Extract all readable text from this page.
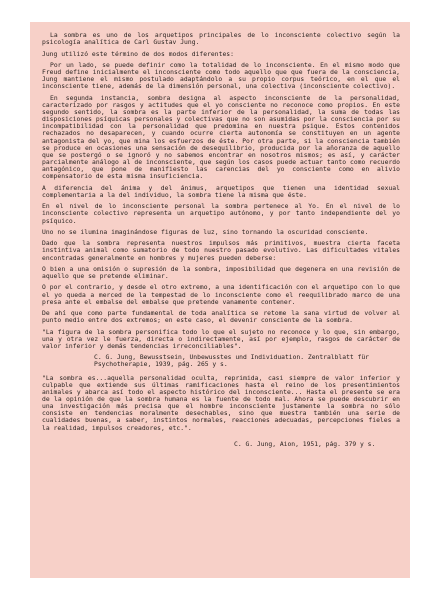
La sombra es uno de los arquetipos principales de lo inconsciente colectivo según la psicología analítica de Carl Gustav Jung.

Jung utilizó este término de dos modos diferentes:

Por un lado, se puede definir como la totalidad de lo inconsciente. En el mismo modo que Freud define inicialmente el inconsciente como todo aquello que que fuera de la consciencia, Jung mantiene el mismo postulado adaptándolo a su propio corpus teórico, en el que el inconsciente tiene, además de la dimensión personal, una colectiva (inconsciente colectivo).

En segunda instancia, sombra designa al aspecto inconsciente de la personalidad, caracterizado por rasgos y actitudes que el yo consciente no reconoce como propios. En este segundo sentido, la sombra es la parte inferior de la personalidad, la suma de todas las disposiciones psíquicas personales y colectivas que no son asumidas por la consciencia por su incompatibilidad con la personalidad que predomina en nuestra psique. Estos contenidos rechazados no desaparecen, y cuando ocurre cierta autonomía se constituyen en un agente antagonista del yo, que mina los esfuerzos de éste. Por otra parte, si la consciencia también se produce en ocasiones una sensación de desequilibrio, producida por la añoranza de aquello que se postergó o se ignoró y no sabemos encontrar en nosotros mismos; es así, y carácter parcialmente análogo al de inconsciente, que según los casos puede actuar tanto como recuerdo antagónico, que pone de manifiesto las carencias del yo consciente como en alivio compensatorio de esta misma insuficiencia.

A diferencia del ánima y del ánimus, arquetipos que tienen una identidad sexual complementaria a la del individuo, la sombra tiene la misma que éste.

En el nivel de lo inconsciente personal la sombra pertenece al Yo. En el nivel de lo inconsciente colectivo representa un arquetipo autónomo, y por tanto independiente del yo psíquico.

Uno no se ilumina imaginándose figuras de luz, sino tornando la oscuridad consciente.

Dado que la sombra representa nuestros impulsos más primitivos, muestra cierta faceta instintiva animal como sumatorio de todo nuestro pasado evolutivo. Las dificultades vitales encontradas generalmente en hombres y mujeres pueden deberse:

O bien a una omisión o supresión de la sombra, imposibilidad que degenera en una revisión de aquello que se pretende eliminar.

O por el contrario, y desde el otro extremo, a una identificación con el arquetipo con lo que el yo queda a merced de la tempestad de lo inconsciente como el reequilibrado marco de una presa ante el embalse del embalse que pretende vanamente contener.

De ahí que como parte fundamental de toda analítica se retome la sana virtud de volver al punto medio entre dos extremos; en este caso, el devenir consciente de la sombra.

"La figura de la sombra personifica todo lo que el sujeto no reconoce y lo que, sin embargo, una y otra vez le fuerza, directa o indirectamente, así por ejemplo, rasgos de carácter de valor inferior y demás tendencias irreconciliables".

C. G. Jung, Bewusstsein, Unbewusstes und Individuation. Zentralblatt für Psychotherapie, 1939, pág. 265 y s.

"La sombra es...aquella personalidad oculta, reprimida, casi siempre de valor inferior y culpable que extiende sus últimas ramificaciones hasta el reino de los presentimientos animales y abarca así todo el aspecto histórico del inconsciente... Hasta el presente se era de la opinión de que la sombra humana es la fuente de todo mal. Ahora se puede descubrir en una investigación más precisa que el hombre inconsciente justamente la sombra no sólo consiste en tendencias moralmente desechables, sino que muestra también una serie de cualidades buenas, a saber, instintos normales, reacciones adecuadas, percepciones fieles a la realidad, impulsos creadores, etc.".

C. G. Jung, Aion, 1951, pág. 379 y s.
